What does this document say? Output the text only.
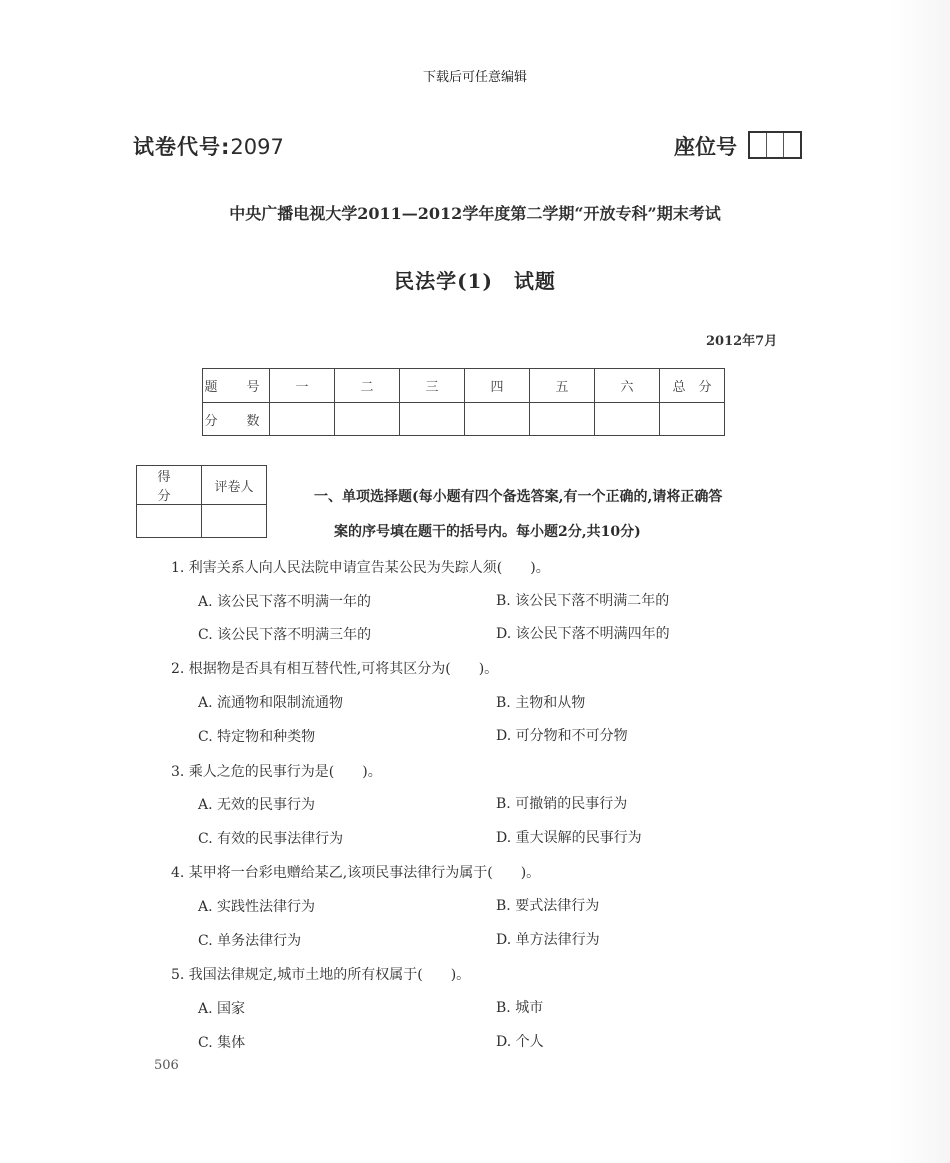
下载后可任意编辑
试卷代号:2097	座位号
中央广播电视大学2011—2012学年度第二学期“开放专科”期末考试
民法学(1)　试题
2012年7月
题　号	一	二	三	四	五	六	总　分
分　数							
得　分	评卷人

一、单项选择题(每小题有四个备选答案,有一个正确的,请将正确答
案的序号填在题干的括号内。每小题2分,共10分)
1. 利害关系人向人民法院申请宣告某公民为失踪人须(　　)。
A. 该公民下落不明满一年的	B. 该公民下落不明满二年的
C. 该公民下落不明满三年的	D. 该公民下落不明满四年的
2. 根据物是否具有相互替代性,可将其区分为(　　)。
A. 流通物和限制流通物	B. 主物和从物
C. 特定物和种类物	D. 可分物和不可分物
3. 乘人之危的民事行为是(　　)。
A. 无效的民事行为	B. 可撤销的民事行为
C. 有效的民事法律行为	D. 重大误解的民事行为
4. 某甲将一台彩电赠给某乙,该项民事法律行为属于(　　)。
A. 实践性法律行为	B. 要式法律行为
C. 单务法律行为	D. 单方法律行为
5. 我国法律规定,城市土地的所有权属于(　　)。
A. 国家	B. 城市
C. 集体	D. 个人
506
